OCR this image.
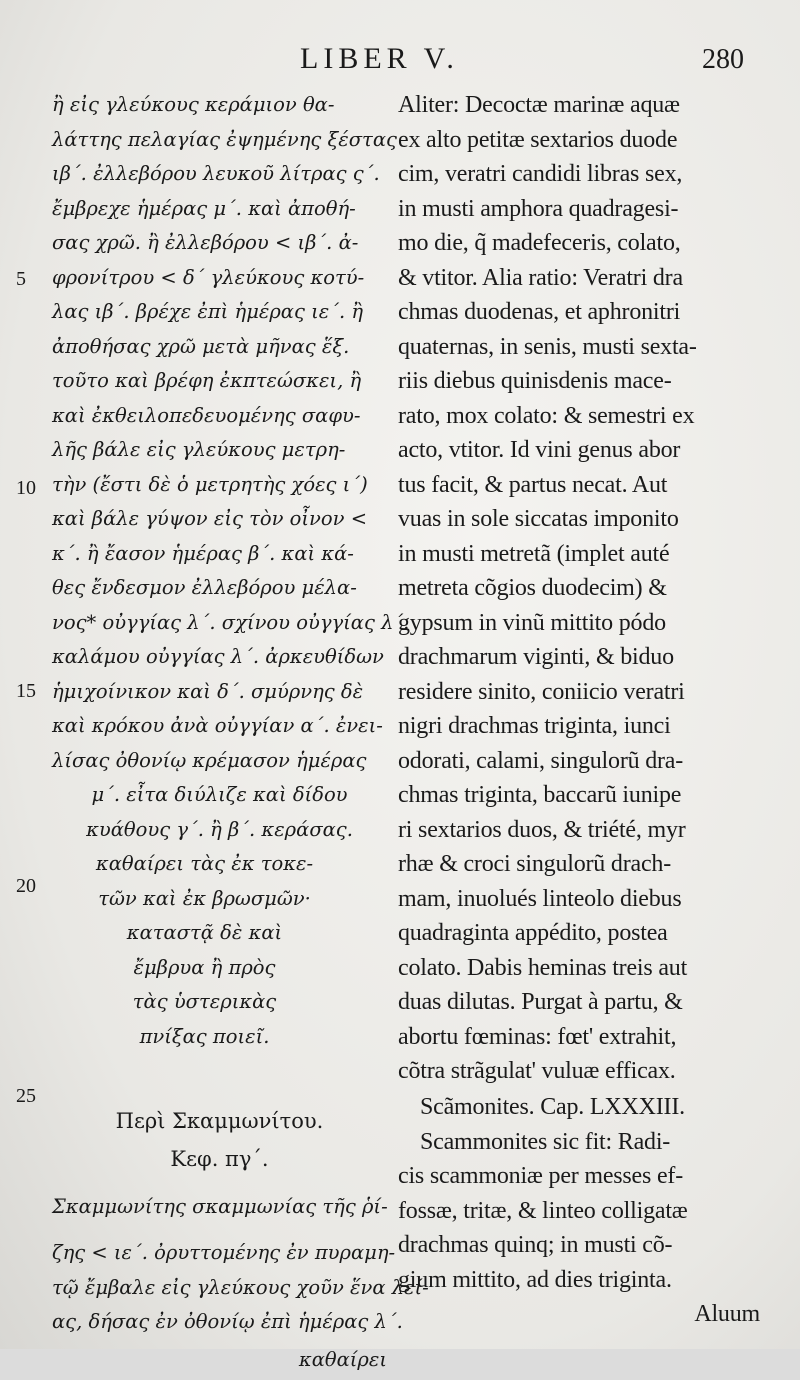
LIBER V.	280
5
10
15
20
25
ἢ εἰς γλεύκους κεράμιον θα-
λάττης πελαγίας ἐψημένης ξέστας
ιβ΄. ἐλλεβόρου λευκοῦ λίτρας ς΄.
ἔμβρεχε ἡμέρας μ΄. καὶ ἀποθή-
σας χρῶ. ἢ ἐλλεβόρου < ιβ΄. ἀ-
φρονίτρου < δ΄ γλεύκους κοτύ-
λας ιβ΄. βρέχε ἐπὶ ἡμέρας ιε΄. ἢ
ἀποθήσας χρῶ μετὰ μῆνας ἕξ.
τοῦτο καὶ βρέφη ἐκπτεώσκει, ἢ
καὶ ἐκθειλοπεδευομένης σαφυ-
λῆς βάλε εἰς γλεύκους μετρη-
τὴν (ἔστι δὲ ὁ μετρητὴς χόες ι΄)
καὶ βάλε γύψον εἰς τὸν οἶνον <
κ΄. ἢ ἔασον ἡμέρας β΄. καὶ κά-
θες ἔνδεσμον ἐλλεβόρου μέλα-
νος* οὐγγίας λ΄. σχίνου οὐγγίας λ΄.
καλάμου οὐγγίας λ΄. ἀρκευθίδων
ἡμιχοίνικον καὶ δ΄. σμύρνης δὲ
καὶ κρόκου ἀνὰ οὐγγίαν α΄. ἐνει-
λίσας ὀθονίῳ κρέμασον ἡμέρας
μ΄. εἶτα διύλιζε καὶ δίδου
κυάθους γ΄. ἢ β΄. κεράσας.
καθαίρει τὰς ἐκ τοκε-
τῶν καὶ ἐκ βρωσμῶν·
καταστᾷ δὲ καὶ
ἔμβρυα ἢ πρὸς
τὰς ὑστερικὰς
πνίξας ποιεῖ.
Περὶ Σκαμμωνίτου.
Κεφ. πγ΄.
Σκαμμωνίτης σκαμμωνίας τῆς ῥί-
ζης < ιε΄. ὀρυττομένης ἐν πυραμη-
τῷ ἔμβαλε εἰς γλεύκους χοῦν ἕνα λεί-
ας, δήσας ἐν ὀθονίῳ ἐπὶ ἡμέρας λ΄.
καθαίρει
Aliter: Decoctæ marinæ aquæ
ex alto petitæ sextarios duode
cim, veratri candidi libras sex,
in musti amphora quadragesi-
mo die, q̃ madefeceris, colato,
& vtitor. Alia ratio: Veratri dra
chmas duodenas, et aphronitri
quaternas, in senis, musti sexta-
riis diebus quinisdenis mace-
rato, mox colato: & semestri ex
acto, vtitor. Id vini genus abor
tus facit, & partus necat. Aut
vuas in sole siccatas imponito
in musti metretã (implet auté
metreta cõgios duodecim) &
gypsum in vinũ mittito pódo
drachmarum viginti, & biduo
residere sinito, coniicio veratri
nigri drachmas triginta, iunci
odorati, calami, singulorũ dra-
chmas triginta, baccarũ iunipe
ri sextarios duos, & triété, myr
rhæ & croci singulorũ drach-
mam, inuolués linteolo diebus
quadraginta appédito, postea
colato. Dabis heminas treis aut
duas dilutas. Purgat à partu, &
abortu fœminas: fœt' extrahit,
cõtra strãgulat' vuluæ efficax.
Scãmonites. Cap. LXXXIII.
Scammonites sic fit: Radi-
cis scammoniæ per messes ef-
fossæ, tritæ, & linteo colligatæ
drachmas quinq; in musti cõ-
gium mittito, ad dies triginta.
Aluum
